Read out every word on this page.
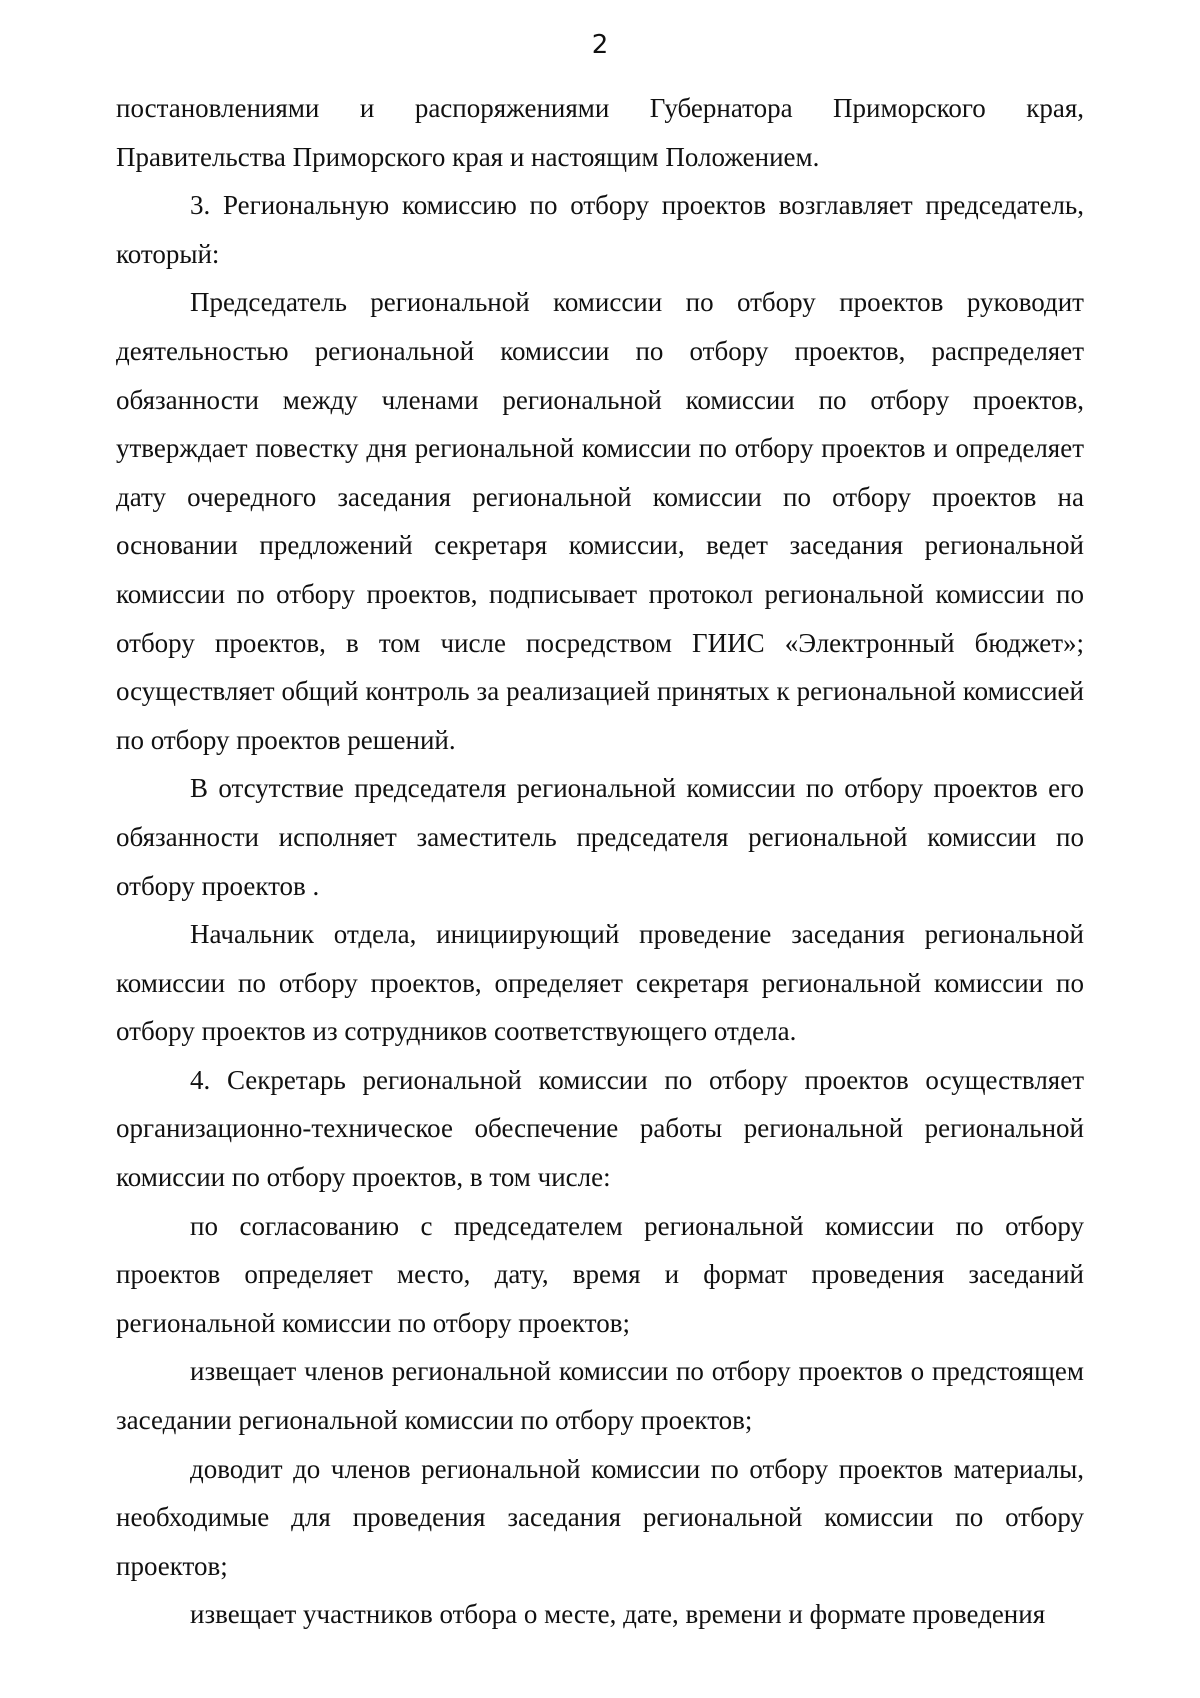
2

постановлениями и распоряжениями Губернатора Приморского края, Правительства Приморского края и настоящим Положением.

3. Региональную комиссию по отбору проектов возглавляет председатель, который:

Председатель региональной комиссии по отбору проектов руководит деятельностью региональной комиссии по отбору проектов, распределяет обязанности между членами региональной комиссии по отбору проектов, утверждает повестку дня региональной комиссии по отбору проектов и определяет дату очередного заседания региональной комиссии по отбору проектов на основании предложений секретаря комиссии, ведет заседания региональной комиссии по отбору проектов, подписывает протокол региональной комиссии по отбору проектов, в том числе посредством ГИИС «Электронный бюджет»; осуществляет общий контроль за реализацией принятых к региональной комиссией по отбору проектов решений.

В отсутствие председателя региональной комиссии по отбору проектов его обязанности исполняет заместитель председателя региональной комиссии по отбору проектов .

Начальник отдела, инициирующий проведение заседания региональной комиссии по отбору проектов, определяет секретаря региональной комиссии по отбору проектов из сотрудников соответствующего отдела.

4. Секретарь региональной комиссии по отбору проектов осуществляет организационно-техническое обеспечение работы региональной региональной комиссии по отбору проектов, в том числе:

по согласованию с председателем региональной комиссии по отбору проектов определяет место, дату, время и формат проведения заседаний региональной комиссии по отбору проектов;

извещает членов региональной комиссии по отбору проектов о предстоящем заседании региональной комиссии по отбору проектов;

доводит до членов региональной комиссии по отбору проектов материалы, необходимые для проведения заседания региональной комиссии по отбору проектов;

извещает участников отбора о месте, дате, времени и формате проведения
